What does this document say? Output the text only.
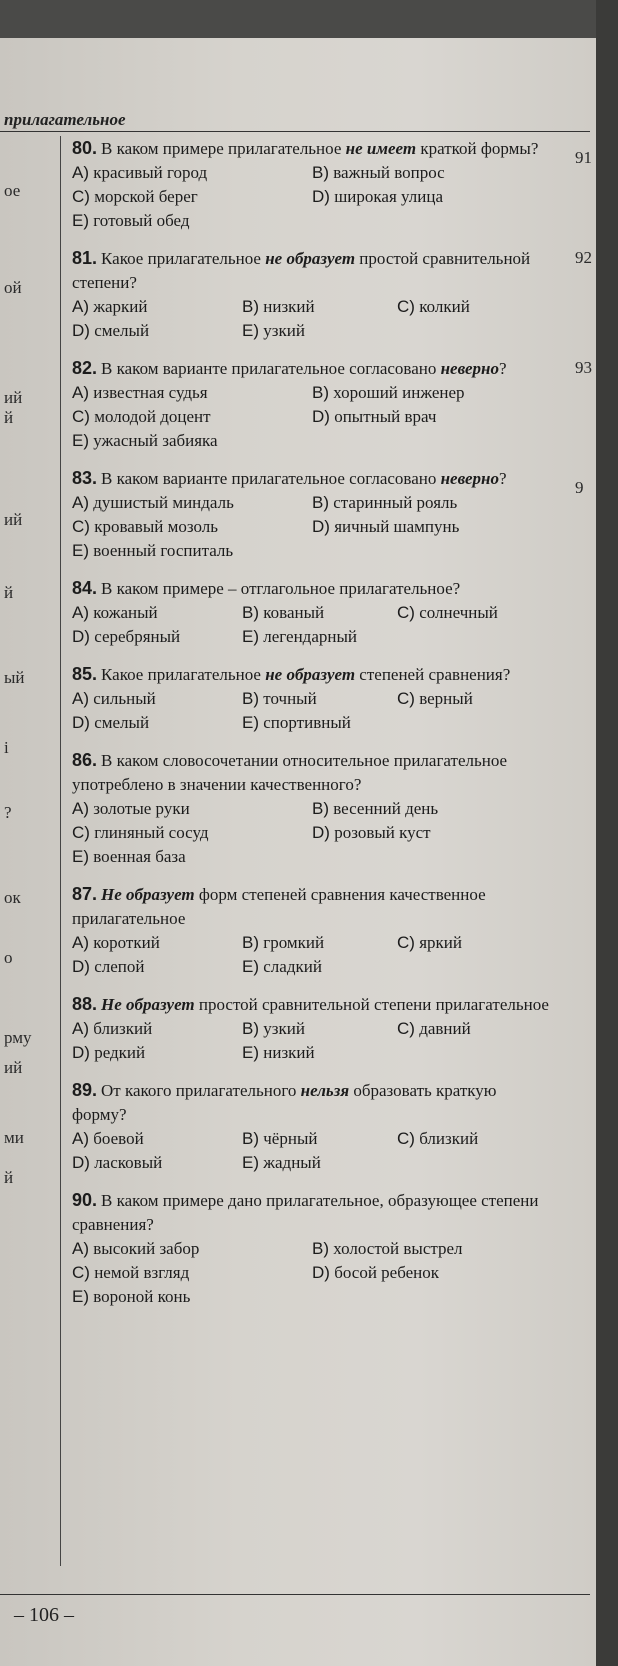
прилагательное
ое
ой
ий
й
ий
й
ый
і
?
ок
о
рму
ий
ми
й
91
92
93
9
80. В каком примере прилагательное не имеет краткой формы?
A) красивый город	B) важный вопрос
C) морской берег	D) широкая улица
E) готовый обед
81. Какое прилагательное не образует простой сравнительной степени?
A) жаркий	B) низкий	C) колкий
D) смелый	E) узкий
82. В каком варианте прилагательное согласовано неверно?
A) известная судья	B) хороший инженер
C) молодой доцент	D) опытный врач
E) ужасный забияка
83. В каком варианте прилагательное согласовано неверно?
A) душистый миндаль	B) старинный рояль
C) кровавый мозоль	D) яичный шампунь
E) военный госпиталь
84. В каком примере – отглагольное прилагательное?
A) кожаный	B) кованый	C) солнечный
D) серебряный	E) легендарный
85. Какое прилагательное не образует степеней сравнения?
A) сильный	B) точный	C) верный
D) смелый	E) спортивный
86. В каком словосочетании относительное прилагательное употреблено в значении качественного?
A) золотые руки	B) весенний день
C) глиняный сосуд	D) розовый куст
E) военная база
87. Не образует форм степеней сравнения качественное прилагательное
A) короткий	B) громкий	C) яркий
D) слепой	E) сладкий
88. Не образует простой сравнительной степени прилагательное
A) близкий	B) узкий	C) давний
D) редкий	E) низкий
89. От какого прилагательного нельзя образовать краткую форму?
A) боевой	B) чёрный	C) близкий
D) ласковый	E) жадный
90. В каком примере дано прилагательное, образующее степени сравнения?
A) высокий забор	B) холостой выстрел
C) немой взгляд	D) босой ребенок
E) вороной конь
– 106 –
